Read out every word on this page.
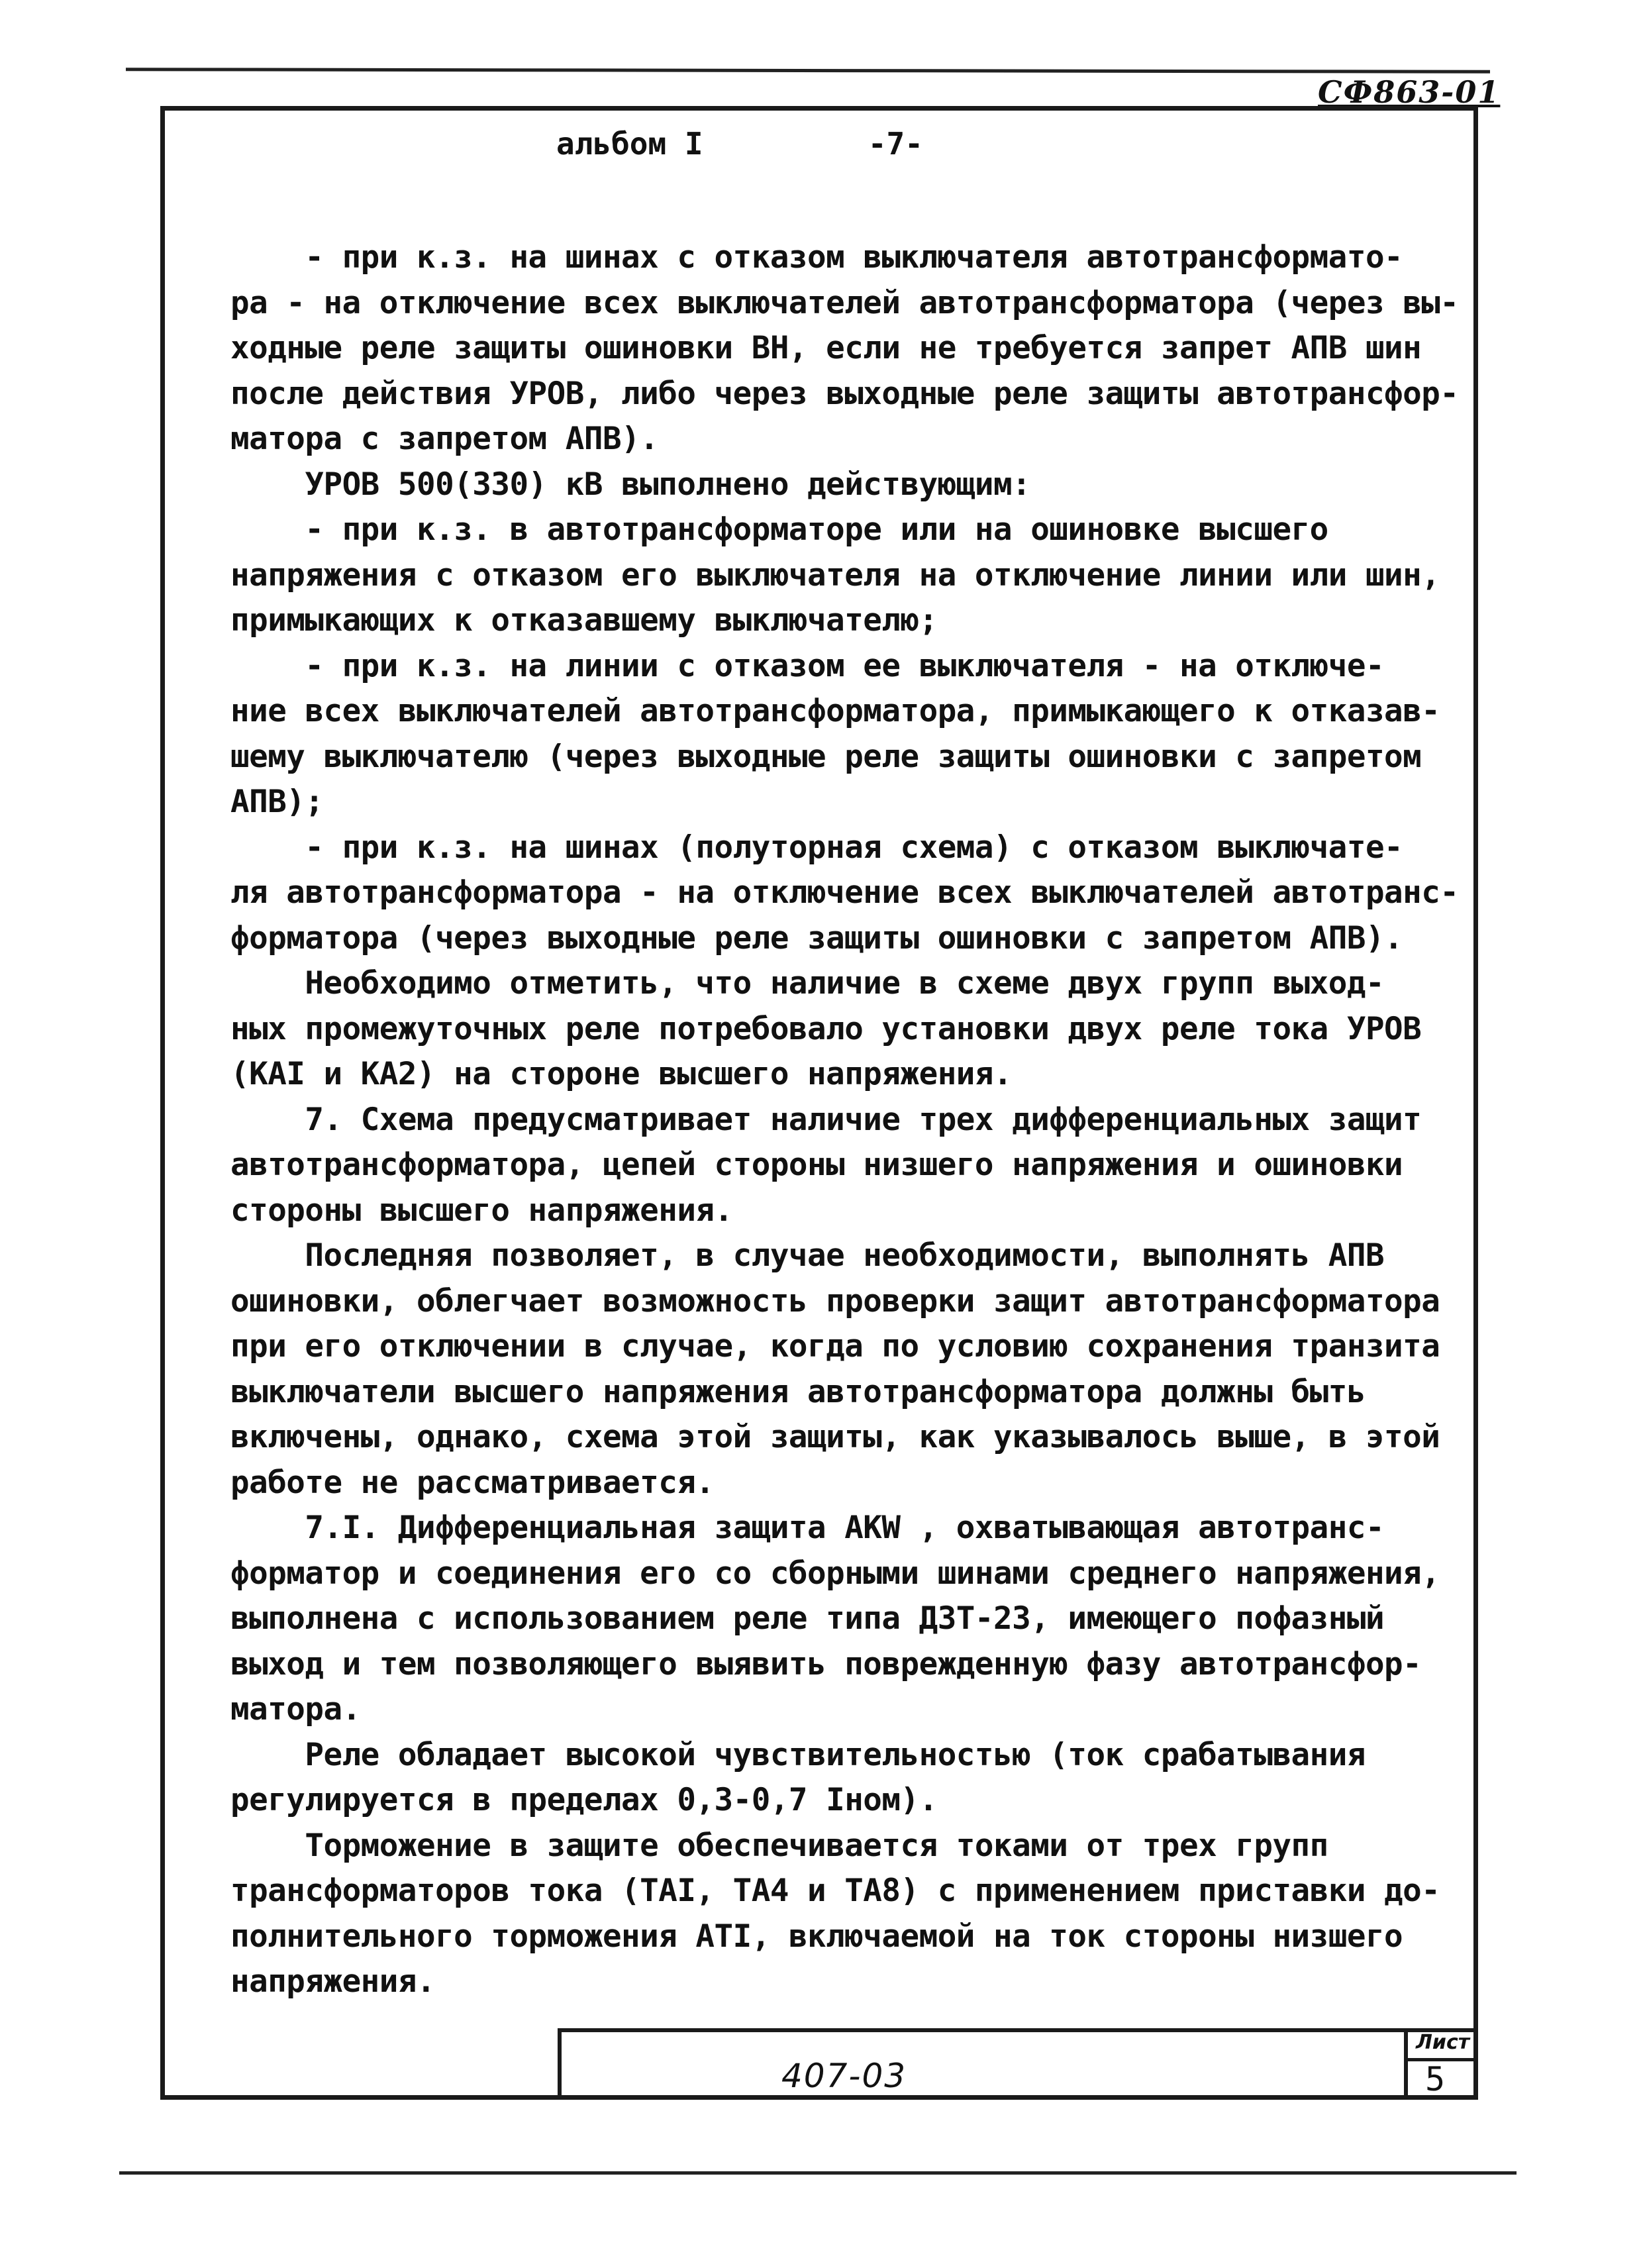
СФ863-01
альбом I	-7-

- при к.з. на шинах с отказом выключателя автотрансформато-

ра - на отключение всех выключателей автотрансформатора (через вы-

ходные реле защиты ошиновки ВН, если не требуется запрет АПВ шин

после действия УРОВ, либо через выходные реле защиты автотрансфор-

матора с запретом АПВ).

УРОВ 500(330) кВ выполнено действующим:

- при к.з. в автотрансформаторе или на ошиновке высшего

напряжения с отказом его выключателя на отключение линии или шин,

примыкающих к отказавшему выключателю;

- при к.з. на линии с отказом ее выключателя - на отключе-

ние всех выключателей автотрансформатора, примыкающего к отказав-

шему выключателю (через выходные реле защиты ошиновки с запретом

АПВ);

- при к.з. на шинах (полуторная схема) с отказом выключате-

ля автотрансформатора - на отключение всех выключателей автотранс-

форматора (через выходные реле защиты ошиновки с запретом АПВ).

Необходимо отметить, что наличие в схеме двух групп выход-

ных промежуточных реле потребовало установки двух реле тока УРОВ

(КАI и КА2) на стороне высшего напряжения.

7. Схема предусматривает наличие трех дифференциальных защит

автотрансформатора, цепей стороны низшего напряжения и ошиновки

стороны высшего напряжения.

Последняя позволяет, в случае необходимости, выполнять АПВ

ошиновки, облегчает возможность проверки защит автотрансформатора

при его отключении в случае, когда по условию сохранения транзита

выключатели высшего напряжения автотрансформатора должны быть

включены, однако, схема этой защиты, как указывалось выше, в этой

работе не рассматривается.

7.I. Дифференциальная защита AKW , охватывающая автотранс-

форматор и соединения его со сборными шинами среднего напряжения,

выполнена с использованием реле типа ДЗТ-23, имеющего пофазный

выход и тем позволяющего выявить поврежденную фазу автотрансфор-

матора.

Реле обладает высокой чувствительностью (ток срабатывания

регулируется в пределах 0,3-0,7 Iном).

Торможение в защите обеспечивается токами от трех групп

трансформаторов тока (ТАI, ТА4 и ТА8) с применением приставки до-

полнительного торможения АТI, включаемой на ток стороны низшего

напряжения.

407-03
Лист
5
